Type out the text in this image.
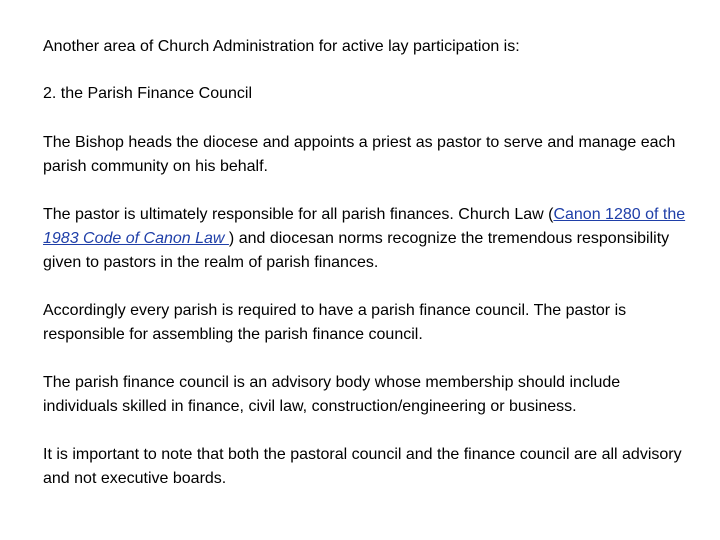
Another area of Church Administration for active lay participation is:

2. the Parish Finance Council

The Bishop heads the diocese and appoints a priest as pastor to serve and manage each parish community on his behalf.

The pastor is ultimately responsible for all parish finances. Church Law (Canon 1280 of the 1983 Code of Canon Law ) and diocesan norms recognize the tremendous responsibility given to pastors in the realm of parish finances.

Accordingly every parish is required to have a parish finance council. The pastor is responsible for assembling the parish finance council.

The parish finance council is an advisory body whose membership should include individuals skilled in finance, civil law, construction/engineering or business.

It is important to note that both the pastoral council and the finance council are all advisory and not executive boards.
